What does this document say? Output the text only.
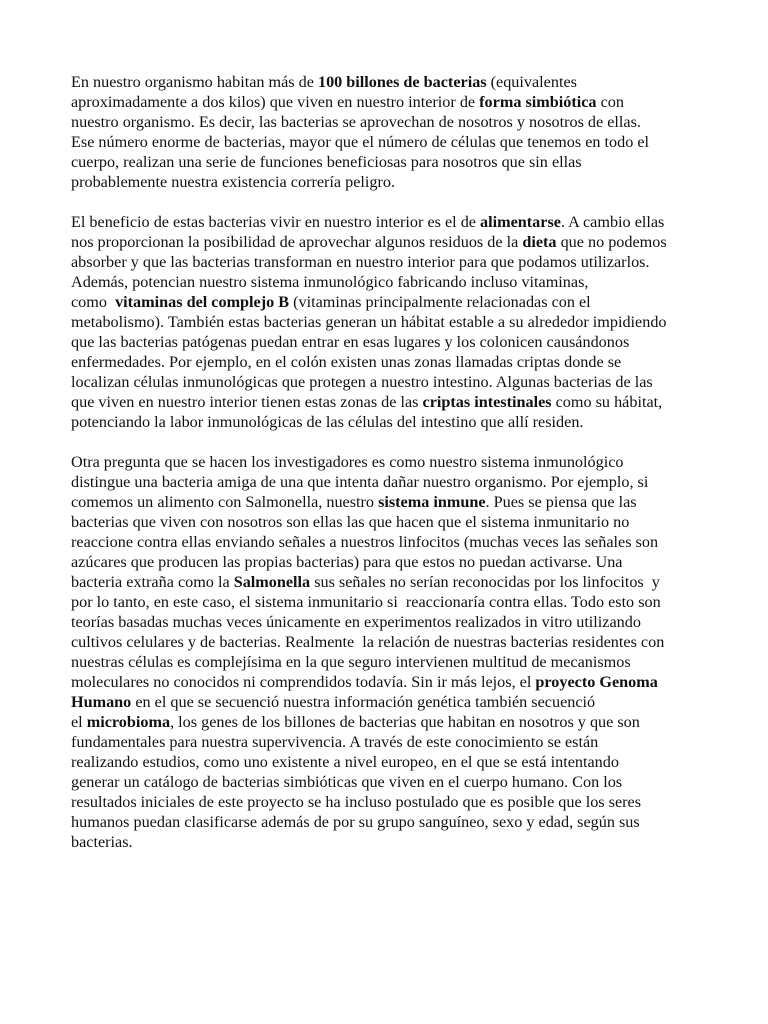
En nuestro organismo habitan más de 100 billones de bacterias (equivalentes
aproximadamente a dos kilos) que viven en nuestro interior de forma simbiótica con
nuestro organismo. Es decir, las bacterias se aprovechan de nosotros y nosotros de ellas.
Ese número enorme de bacterias, mayor que el número de células que tenemos en todo el
cuerpo, realizan una serie de funciones beneficiosas para nosotros que sin ellas
probablemente nuestra existencia correría peligro.

El beneficio de estas bacterias vivir en nuestro interior es el de alimentarse. A cambio ellas
nos proporcionan la posibilidad de aprovechar algunos residuos de la dieta que no podemos
absorber y que las bacterias transforman en nuestro interior para que podamos utilizarlos.
Además, potencian nuestro sistema inmunológico fabricando incluso vitaminas,
como  vitaminas del complejo B (vitaminas principalmente relacionadas con el
metabolismo). También estas bacterias generan un hábitat estable a su alrededor impidiendo
que las bacterias patógenas puedan entrar en esas lugares y los colonicen causándonos
enfermedades. Por ejemplo, en el colón existen unas zonas llamadas criptas donde se
localizan células inmunológicas que protegen a nuestro intestino. Algunas bacterias de las
que viven en nuestro interior tienen estas zonas de las criptas intestinales como su hábitat,
potenciando la labor inmunológicas de las células del intestino que allí residen.

Otra pregunta que se hacen los investigadores es como nuestro sistema inmunológico
distingue una bacteria amiga de una que intenta dañar nuestro organismo. Por ejemplo, si
comemos un alimento con Salmonella, nuestro sistema inmune. Pues se piensa que las
bacterias que viven con nosotros son ellas las que hacen que el sistema inmunitario no
reaccione contra ellas enviando señales a nuestros linfocitos (muchas veces las señales son
azúcares que producen las propias bacterias) para que estos no puedan activarse. Una
bacteria extraña como la Salmonella sus señales no serían reconocidas por los linfocitos  y
por lo tanto, en este caso, el sistema inmunitario si  reaccionaría contra ellas. Todo esto son
teorías basadas muchas veces únicamente en experimentos realizados in vitro utilizando
cultivos celulares y de bacterias. Realmente  la relación de nuestras bacterias residentes con
nuestras células es complejísima en la que seguro intervienen multitud de mecanismos
moleculares no conocidos ni comprendidos todavía. Sin ir más lejos, el proyecto Genoma
Humano en el que se secuenció nuestra información genética también secuenció
el microbioma, los genes de los billones de bacterias que habitan en nosotros y que son
fundamentales para nuestra supervivencia. A través de este conocimiento se están
realizando estudios, como uno existente a nivel europeo, en el que se está intentando
generar un catálogo de bacterias simbióticas que viven en el cuerpo humano. Con los
resultados iniciales de este proyecto se ha incluso postulado que es posible que los seres
humanos puedan clasificarse además de por su grupo sanguíneo, sexo y edad, según sus
bacterias.
